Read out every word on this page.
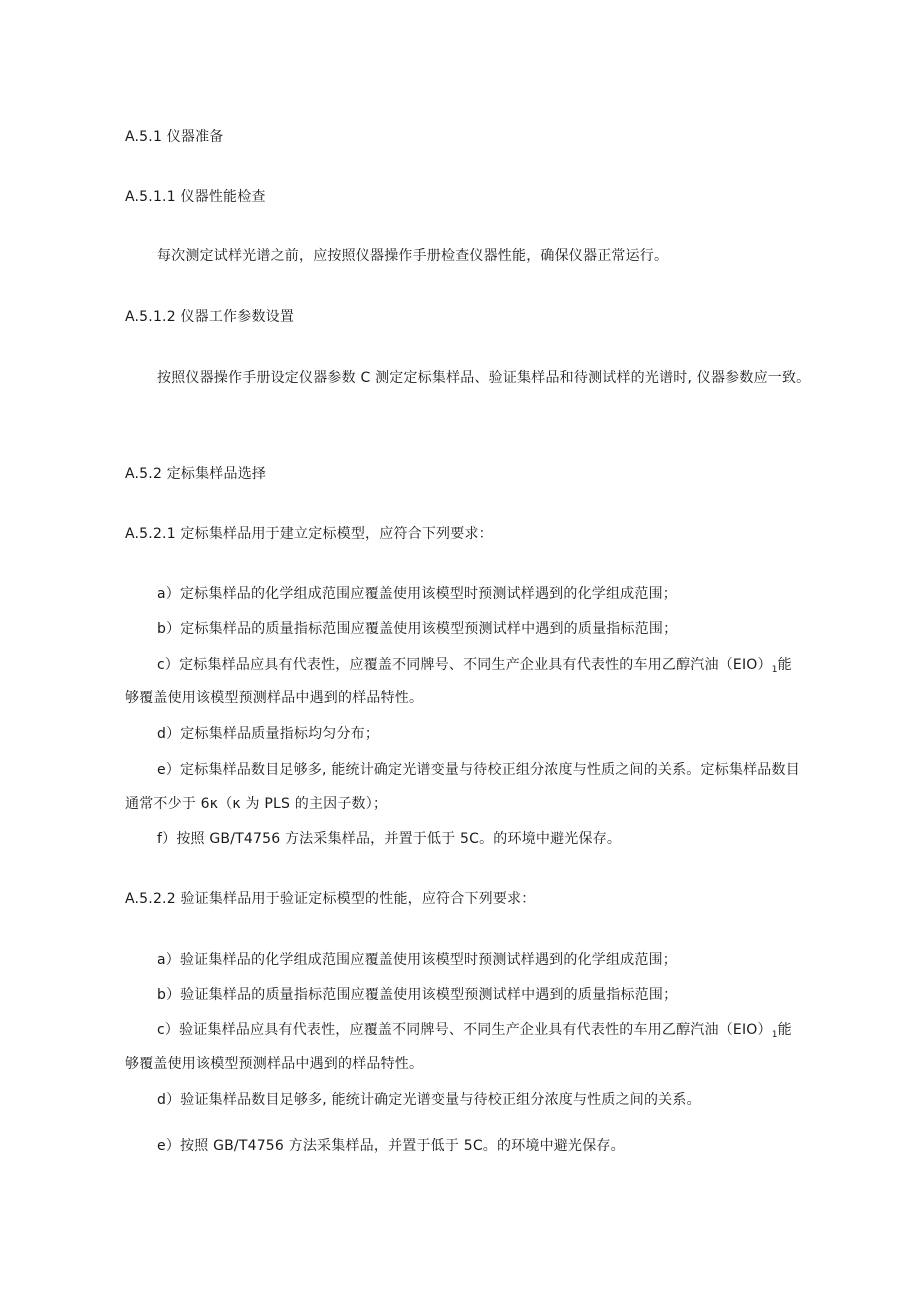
A.5.1 仪器准备

A.5.1.1 仪器性能检查

每次测定试样光谱之前，应按照仪器操作手册检查仪器性能，确保仪器正常运行。

A.5.1.2 仪器工作参数设置

按照仪器操作手册设定仪器参数 C 测定定标集样品、验证集样品和待测试样的光谱时, 仪器参数应一致。

A.5.2 定标集样品选择

A.5.2.1 定标集样品用于建立定标模型，应符合下列要求：

a）定标集样品的化学组成范围应覆盖使用该模型时预测试样遇到的化学组成范围；

b）定标集样品的质量指标范围应覆盖使用该模型预测试样中遇到的质量指标范围；

c）定标集样品应具有代表性，应覆盖不同牌号、不同生产企业具有代表性的车用乙醇汽油$(EIO)_1$能

够覆盖使用该模型预测样品中遇到的样品特性。

d）定标集样品质量指标均匀分布；

e）定标集样品数目足够多, 能统计确定光谱变量与待校正组分浓度与性质之间的关系。定标集样品数目

通常不少于 6κ（κ 为 PLS 的主因子数）；

f）按照 GB/T4756 方法采集样品，并置于低于 5C。的环境中避光保存。

A.5.2.2 验证集样品用于验证定标模型的性能，应符合下列要求：

a）验证集样品的化学组成范围应覆盖使用该模型时预测试样遇到的化学组成范围；

b）验证集样品的质量指标范围应覆盖使用该模型预测试样中遇到的质量指标范围；

c）验证集样品应具有代表性，应覆盖不同牌号、不同生产企业具有代表性的车用乙醇汽油$(EIO)_1$能

够覆盖使用该模型预测样品中遇到的样品特性。

d）验证集样品数目足够多, 能统计确定光谱变量与待校正组分浓度与性质之间的关系。

e）按照 GB/T4756 方法采集样品，并置于低于 5C。的环境中避光保存。
